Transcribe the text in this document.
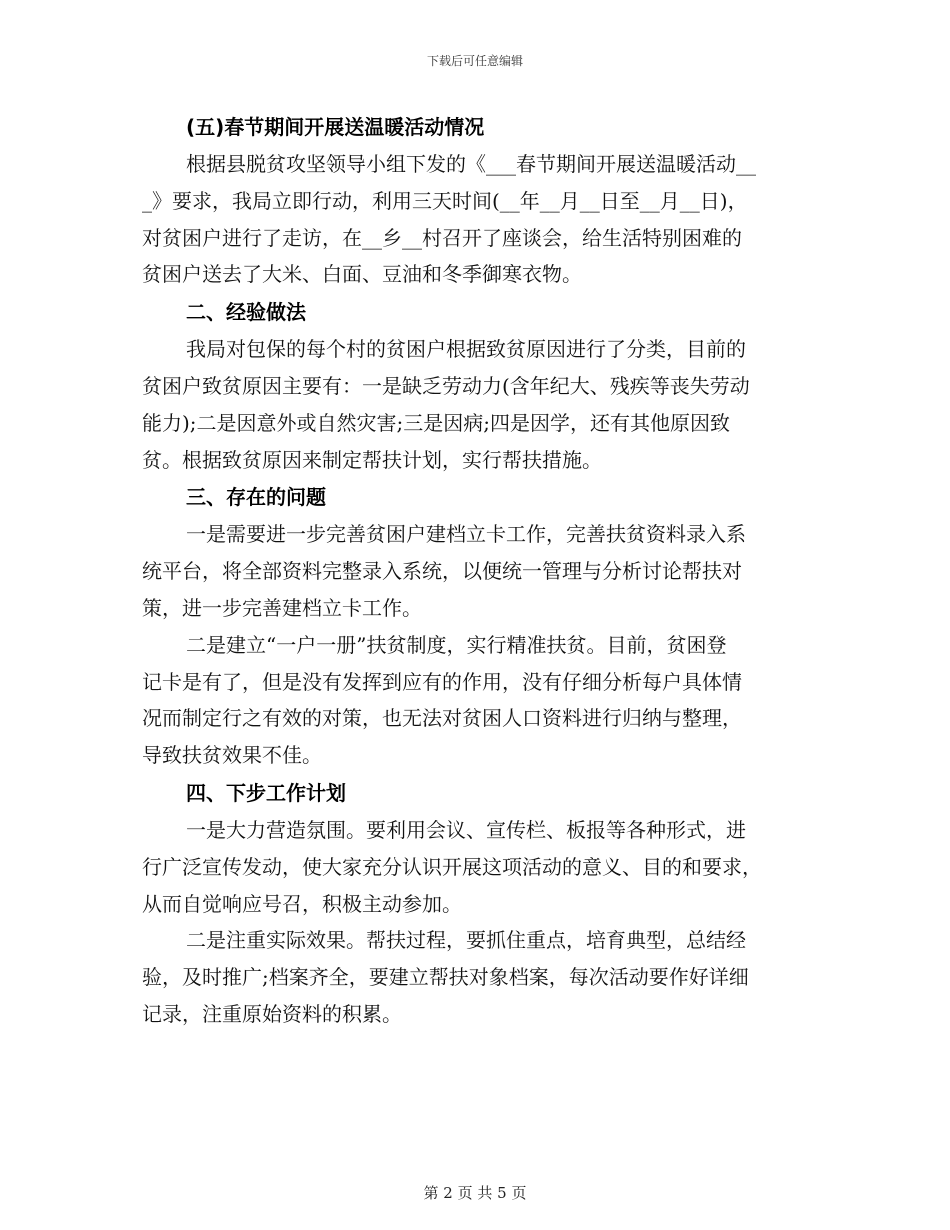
下载后可任意编辑
(五)春节期间开展送温暖活动情况
根据县脱贫攻坚领导小组下发的《___春节期间开展送温暖活动__
_》要求，我局立即行动，利用三天时间(__年__月__日至__月__日)，
对贫困户进行了走访，在__乡__村召开了座谈会，给生活特别困难的
贫困户送去了大米、白面、豆油和冬季御寒衣物。
二、经验做法
我局对包保的每个村的贫困户根据致贫原因进行了分类，目前的
贫困户致贫原因主要有：一是缺乏劳动力(含年纪大、残疾等丧失劳动
能力);二是因意外或自然灾害;三是因病;四是因学，还有其他原因致
贫。根据致贫原因来制定帮扶计划，实行帮扶措施。
三、存在的问题
一是需要进一步完善贫困户建档立卡工作，完善扶贫资料录入系
统平台，将全部资料完整录入系统，以便统一管理与分析讨论帮扶对
策，进一步完善建档立卡工作。
二是建立“一户一册”扶贫制度，实行精准扶贫。目前，贫困登
记卡是有了，但是没有发挥到应有的作用，没有仔细分析每户具体情
况而制定行之有效的对策，也无法对贫困人口资料进行归纳与整理，
导致扶贫效果不佳。
四、下步工作计划
一是大力营造氛围。要利用会议、宣传栏、板报等各种形式，进
行广泛宣传发动，使大家充分认识开展这项活动的意义、目的和要求，
从而自觉响应号召，积极主动参加。
二是注重实际效果。帮扶过程，要抓住重点，培育典型，总结经
验，及时推广;档案齐全，要建立帮扶对象档案，每次活动要作好详细
记录，注重原始资料的积累。
第 2 页 共 5 页
